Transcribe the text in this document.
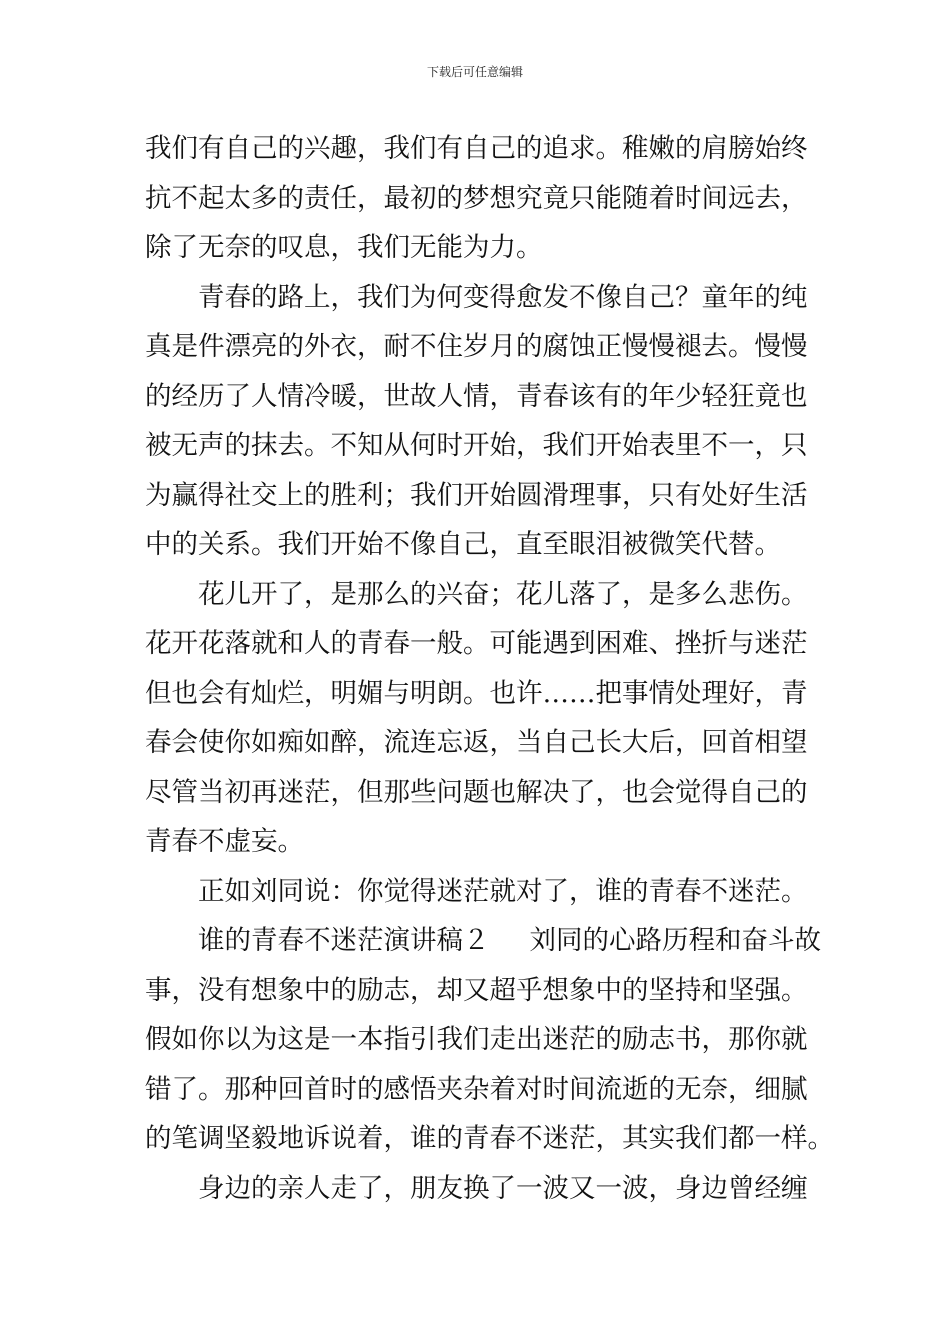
下载后可任意编辑

我们有自己的兴趣，我们有自己的追求。稚嫩的肩膀始终
抗不起太多的责任，最初的梦想究竟只能随着时间远去，
除了无奈的叹息，我们无能为力。

青春的路上，我们为何变得愈发不像自己？童年的纯
真是件漂亮的外衣，耐不住岁月的腐蚀正慢慢褪去。慢慢
的经历了人情冷暖，世故人情，青春该有的年少轻狂竟也
被无声的抹去。不知从何时开始，我们开始表里不一，只
为赢得社交上的胜利；我们开始圆滑理事，只有处好生活
中的关系。我们开始不像自己，直至眼泪被微笑代替。

花儿开了，是那么的兴奋；花儿落了，是多么悲伤。
花开花落就和人的青春一般。可能遇到困难、挫折与迷茫
但也会有灿烂，明媚与明朗。也许……把事情处理好，青
春会使你如痴如醉，流连忘返，当自己长大后，回首相望
尽管当初再迷茫，但那些问题也解决了，也会觉得自己的
青春不虚妄。

正如刘同说：你觉得迷茫就对了，谁的青春不迷茫。

谁的青春不迷茫演讲稿２ 刘同的心路历程和奋斗故
事，没有想象中的励志，却又超乎想象中的坚持和坚强。
假如你以为这是一本指引我们走出迷茫的励志书，那你就
错了。那种回首时的感悟夹杂着对时间流逝的无奈，细腻
的笔调坚毅地诉说着，谁的青春不迷茫，其实我们都一样。

身边的亲人走了，朋友换了一波又一波，身边曾经缠
